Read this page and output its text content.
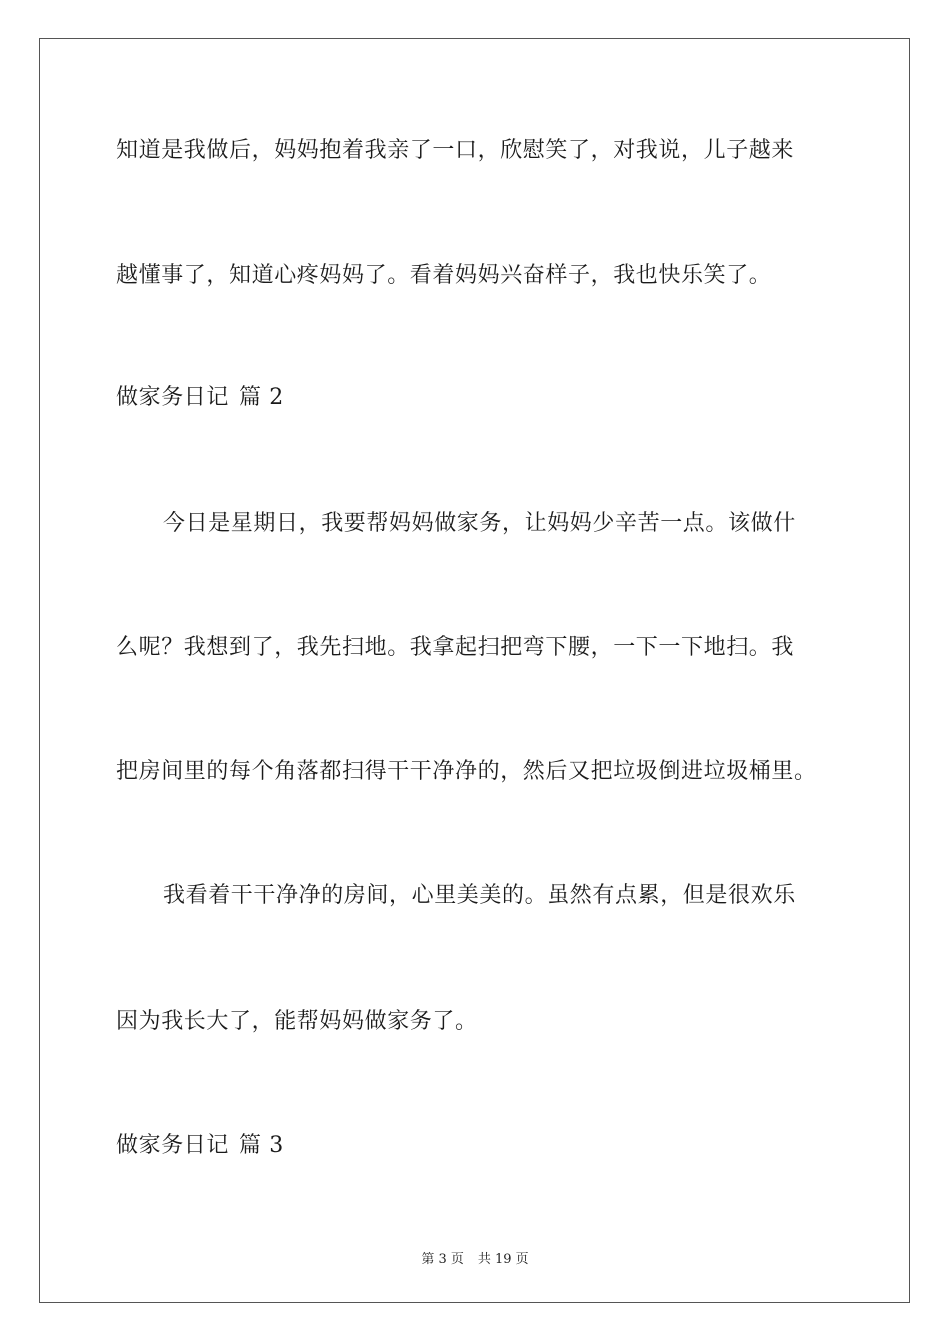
知道是我做后，妈妈抱着我亲了一口，欣慰笑了，对我说，儿子越来
越懂事了，知道心疼妈妈了。看着妈妈兴奋样子，我也快乐笑了。
做家务日记 篇 2
今日是星期日，我要帮妈妈做家务，让妈妈少辛苦一点。该做什
么呢？我想到了，我先扫地。我拿起扫把弯下腰，一下一下地扫。我
把房间里的每个角落都扫得干干净净的，然后又把垃圾倒进垃圾桶里。
我看着干干净净的房间，心里美美的。虽然有点累，但是很欢乐
因为我长大了，能帮妈妈做家务了。
做家务日记 篇 3
第 3 页 共 19 页
